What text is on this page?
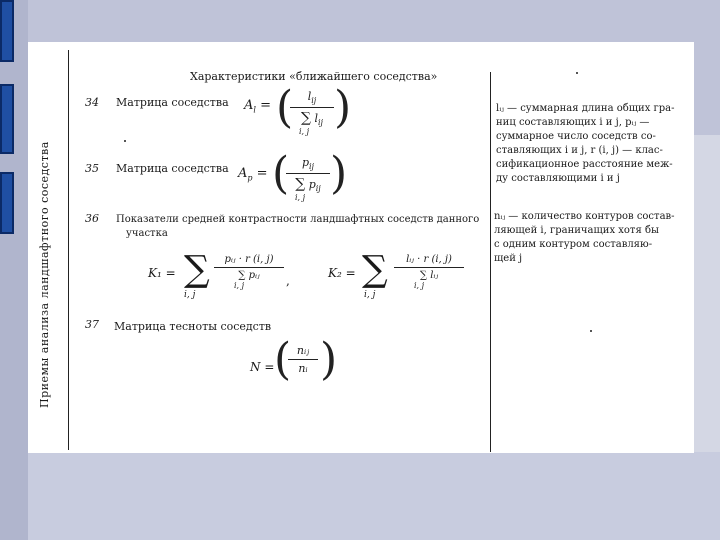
Характеристики «ближайшего соседства»
34 Матрица соседства $A_l$ = ( $l_{ij}$
∑ $l_{ij}$
i, j )
35 Матрица соседства $A_p$ = ( $p_{ij}$
∑ $p_{ij}$
i, j )
36 Показатели средней контрастности ландшафтных соседств данного
участка
K₁ = ∑
i, j
pᵢⱼ · r (i, j)
∑ pᵢⱼ
i, j	,
K₂ = ∑
i, j
lᵢⱼ · r (i, j)
∑ lᵢⱼ
i, j
37 Матрица тесноты соседств
N = ( nᵢⱼ
nᵢ )
lᵢⱼ — суммарная длина общих гра-
ниц составляющих i и j, pᵢⱼ —
суммарное число соседств со-
ставляющих i и j, r (i, j) — клас-
сификационное расстояние меж-
ду составляющими i и j
nᵢⱼ — количество контуров состав-
ляющей i, граничащих хотя бы
с одним контуром составляю-
щей j
Приемы анализа ландшафтного соседства
